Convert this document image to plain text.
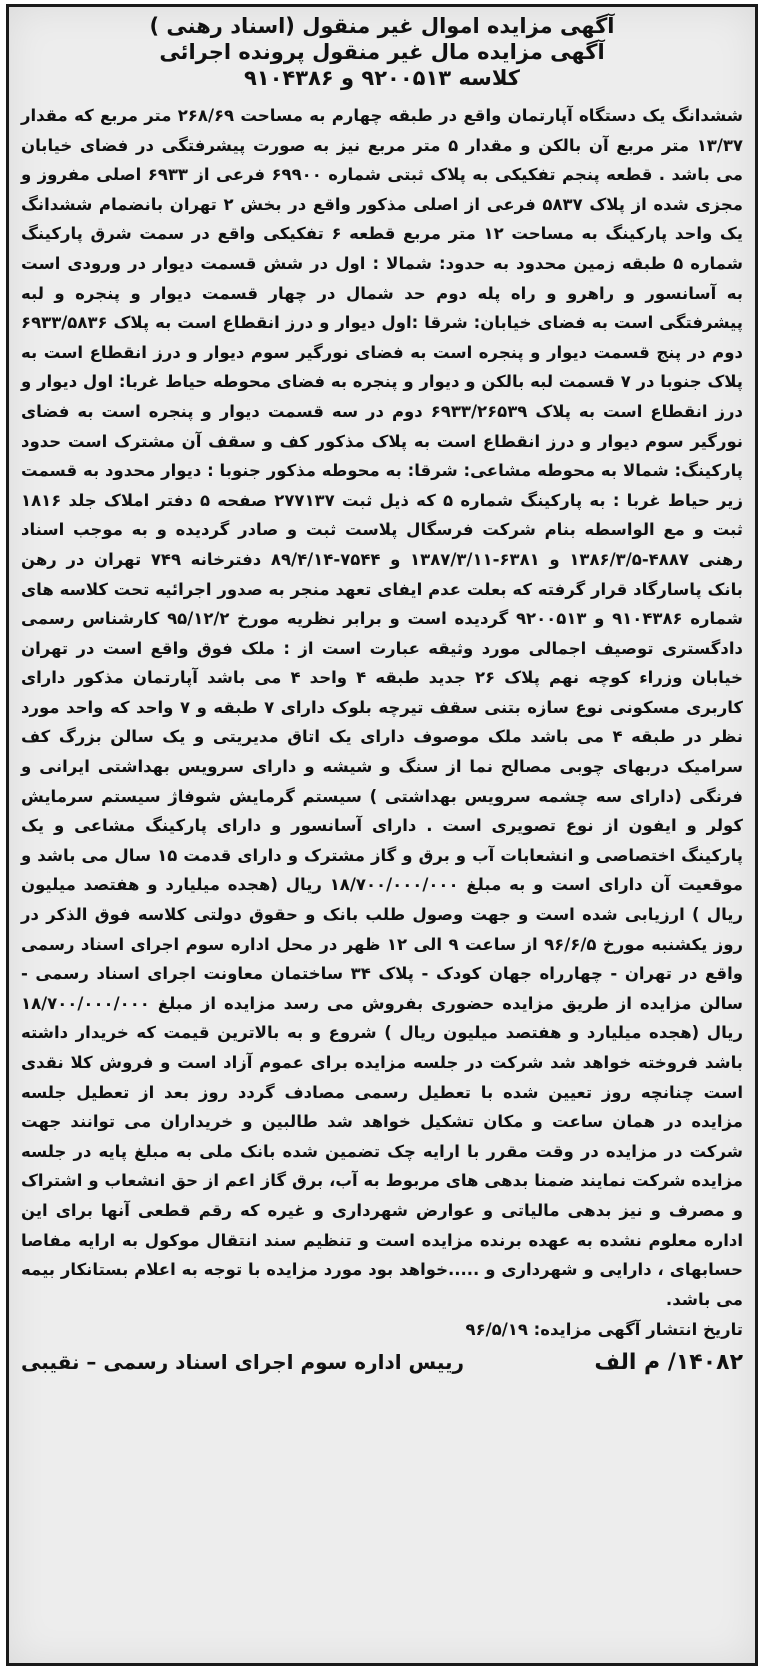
آگهی مزایده اموال غیر منقول (اسناد رهنی )
آگهی مزایده مال غیر منقول پرونده اجرائی
کلاسه ۹۲۰۰۵۱۳ و ۹۱۰۴۳۸۶

ششدانگ یک دستگاه آپارتمان واقع در طبقه چهارم به مساحت ۲۶۸/۶۹ متر مربع که مقدار ۱۳/۳۷ متر مربع آن بالکن و مقدار ۵ متر مربع نیز به صورت پیشرفتگی در فضای خیابان می باشد . قطعه پنجم تفکیکی به پلاک ثبتی شماره ۶۹۹۰۰ فرعی از ۶۹۳۳ اصلی مفروز و مجزی شده از پلاک ۵۸۳۷ فرعی از اصلی مذکور واقع در بخش ۲ تهران بانضمام ششدانگ یک واحد پارکینگ به مساحت ۱۲ متر مربع قطعه ۶ تفکیکی واقع در سمت شرق پارکینگ شماره ۵ طبقه زمین محدود به حدود: شمالا : اول در شش قسمت دیوار در ورودی است به آسانسور و راهرو و راه پله دوم حد شمال در چهار قسمت دیوار و پنجره و لبه پیشرفتگی است به فضای خیابان: شرقا :اول دیوار و درز انقطاع است به پلاک ۶۹۳۳/۵۸۳۶ دوم در پنج قسمت دیوار و پنجره است به فضای نورگیر سوم دیوار و درز انقطاع است به پلاک جنوبا در ۷ قسمت لبه بالکن و دیوار و پنجره به فضای محوطه حیاط غربا: اول دیوار و درز انقطاع است به پلاک ۶۹۳۳/۲۶۵۳۹ دوم در سه قسمت دیوار و پنجره است به فضای نورگیر سوم دیوار و درز انقطاع است به پلاک مذکور کف و سقف آن مشترک است حدود پارکینگ: شمالا به محوطه مشاعی: شرقا: به محوطه مذکور جنوبا : دیوار محدود به قسمت زیر حیاط غربا : به پارکینگ شماره ۵ که ذیل ثبت ۲۷۷۱۳۷ صفحه ۵ دفتر املاک جلد ۱۸۱۶ ثبت و مع الواسطه بنام شرکت فرسگال پلاست ثبت و صادر گردیده و به موجب اسناد رهنی ۴۸۸۷-۱۳۸۶/۳/۵ و ۶۳۸۱-۱۳۸۷/۳/۱۱ و ۷۵۴۴-۸۹/۴/۱۴ دفترخانه ۷۴۹ تهران در رهن بانک پاسارگاد قرار گرفته که بعلت عدم ایفای تعهد منجر به صدور اجرائیه تحت کلاسه های شماره ۹۱۰۴۳۸۶ و ۹۲۰۰۵۱۳ گردیده است و برابر نظریه مورخ ۹۵/۱۲/۲ کارشناس رسمی دادگستری توصیف اجمالی مورد وثیقه عبارت است از : ملک فوق واقع است در تهران خیابان وزراء کوچه نهم پلاک ۲۶ جدید طبقه ۴ واحد ۴ می باشد آپارتمان مذکور دارای کاربری مسکونی نوع سازه بتنی سقف تیرچه بلوک دارای ۷ طبقه و ۷ واحد که واحد مورد نظر در طبقه ۴ می باشد ملک موصوف دارای یک اتاق مدیریتی و یک سالن بزرگ کف سرامیک دربهای چوبی مصالح نما از سنگ و شیشه و دارای سرویس بهداشتی ایرانی و فرنگی (دارای سه چشمه سرویس بهداشتی ) سیستم گرمایش شوفاژ سیستم سرمایش کولر و ایفون از نوع تصویری است . دارای آسانسور و دارای پارکینگ مشاعی و یک پارکینگ اختصاصی و انشعابات آب و برق و گاز مشترک و دارای قدمت ۱۵ سال می باشد و موقعیت آن دارای است و به مبلغ ۱۸/۷۰۰/۰۰۰/۰۰۰ ریال (هجده میلیارد و هفتصد میلیون ریال ) ارزیابی شده است و جهت وصول طلب بانک و حقوق دولتی کلاسه فوق الذکر در روز یکشنبه مورخ ۹۶/۶/۵ از ساعت ۹ الی ۱۲ ظهر در محل اداره سوم اجرای اسناد رسمی واقع در تهران - چهارراه جهان کودک - پلاک ۳۴ ساختمان معاونت اجرای اسناد رسمی - سالن مزایده از طریق مزایده حضوری بفروش می رسد مزایده از مبلغ ۱۸/۷۰۰/۰۰۰/۰۰۰ ریال (هجده میلیارد و هفتصد میلیون ریال ) شروع و به بالاترین قیمت که خریدار داشته باشد فروخته خواهد شد شرکت در جلسه مزایده برای عموم آزاد است و فروش کلا نقدی است چنانچه روز تعیین شده با تعطیل رسمی مصادف گردد روز بعد از تعطیل جلسه مزایده در همان ساعت و مکان تشکیل خواهد شد طالبین و خریداران می توانند جهت شرکت در مزایده در وقت مقرر با ارایه چک تضمین شده بانک ملی به مبلغ پایه در جلسه مزایده شرکت نمایند ضمنا بدهی های مربوط به آب، برق گاز اعم از حق انشعاب و اشتراک و مصرف و نیز بدهی مالیاتی و عوارض شهرداری و غیره که رقم قطعی آنها برای این اداره معلوم نشده به عهده برنده مزایده است و تنظیم سند انتقال موکول به ارایه مفاصا حسابهای ، دارایی و شهرداری و .....خواهد بود مورد مزایده با توجه به اعلام بستانکار بیمه می باشد.

تاریخ انتشار آگهی مزایده: ۹۶/۵/۱۹
۱۴۰۸۲/ م الف
رییس اداره سوم اجرای اسناد رسمی – نقیبی
